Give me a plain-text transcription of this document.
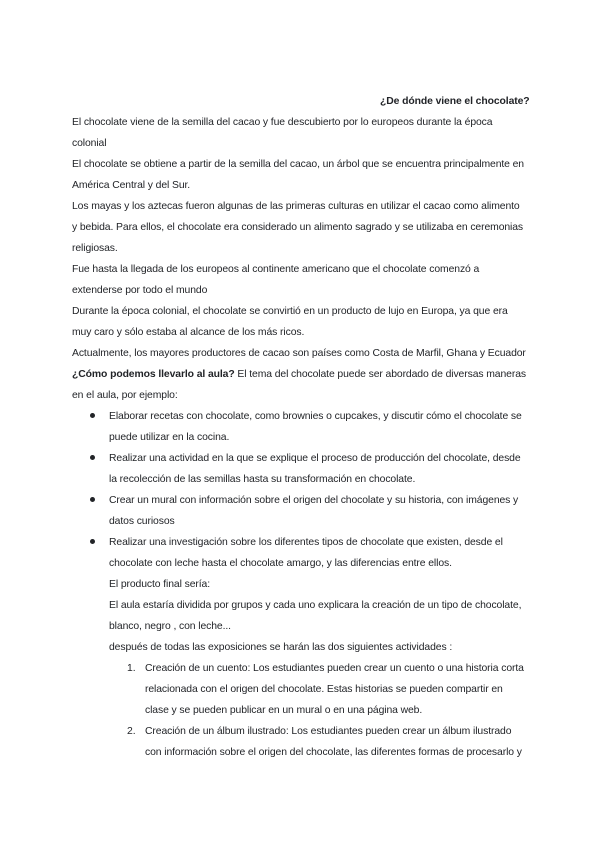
¿De dónde viene el chocolate?
El chocolate viene de la semilla del cacao y fue descubierto por lo europeos durante la época
colonial
El chocolate se obtiene a partir de la semilla del cacao, un árbol que se encuentra principalmente en
América Central y del Sur.
Los mayas y los aztecas fueron algunas de las primeras culturas en utilizar el cacao como alimento
y bebida. Para ellos, el chocolate era considerado un alimento sagrado y se utilizaba en ceremonias
religiosas.
Fue hasta la llegada de los europeos al continente americano que el chocolate comenzó a
extenderse por todo el mundo
Durante la época colonial, el chocolate se convirtió en un producto de lujo en Europa, ya que era
muy caro y sólo estaba al alcance de los más ricos.
Actualmente, los mayores productores de cacao son países como Costa de Marfil, Ghana y Ecuador
¿Cómo podemos llevarlo al aula? El tema del chocolate puede ser abordado de diversas maneras
en el aula, por ejemplo:
Elaborar recetas con chocolate, como brownies o cupcakes, y discutir cómo el chocolate se
puede utilizar en la cocina.
Realizar una actividad en la que se explique el proceso de producción del chocolate, desde
la recolección de las semillas hasta su transformación en chocolate.
Crear un mural con información sobre el origen del chocolate y su historia, con imágenes y
datos curiosos
Realizar una investigación sobre los diferentes tipos de chocolate que existen, desde el
chocolate con leche hasta el chocolate amargo, y las diferencias entre ellos.
El producto final sería:
El aula estaría dividida por grupos y cada uno explicara la creación de un tipo de chocolate,
blanco, negro , con leche...
después de todas las exposiciones se harán las dos siguientes actividades :
1. Creación de un cuento: Los estudiantes pueden crear un cuento o una historia corta
relacionada con el origen del chocolate. Estas historias se pueden compartir en
clase y se pueden publicar en un mural o en una página web.
2. Creación de un álbum ilustrado: Los estudiantes pueden crear un álbum ilustrado
con información sobre el origen del chocolate, las diferentes formas de procesarlo y
